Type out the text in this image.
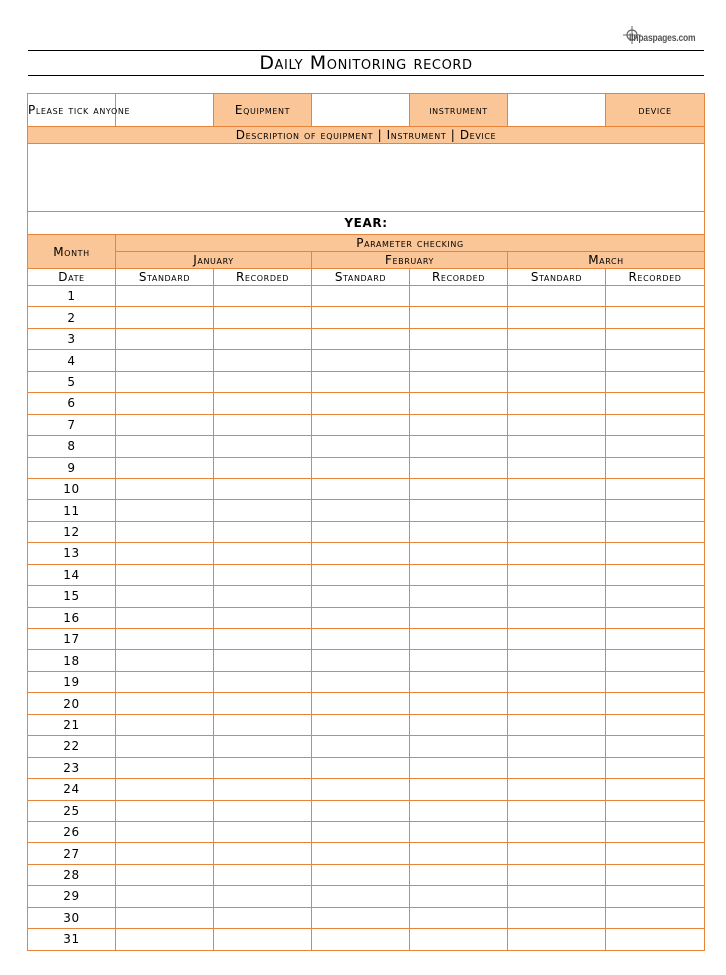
ilnpaspages.com
Daily Monitoring record
Please tick anyone		Equipment		instrument		device
Description of equipment | Instrument | Device						

YEAR:						
Month	Parameter checking					
	January		February		March	
Date	Standard	Recorded	Standard	Recorded	Standard	Recorded
1						
2						
3						
4						
5						
6						
7						
8						
9						
10						
11						
12						
13						
14						
15						
16						
17						
18						
19						
20						
21						
22						
23						
24						
25						
26						
27						
28						
29						
30						
31						
